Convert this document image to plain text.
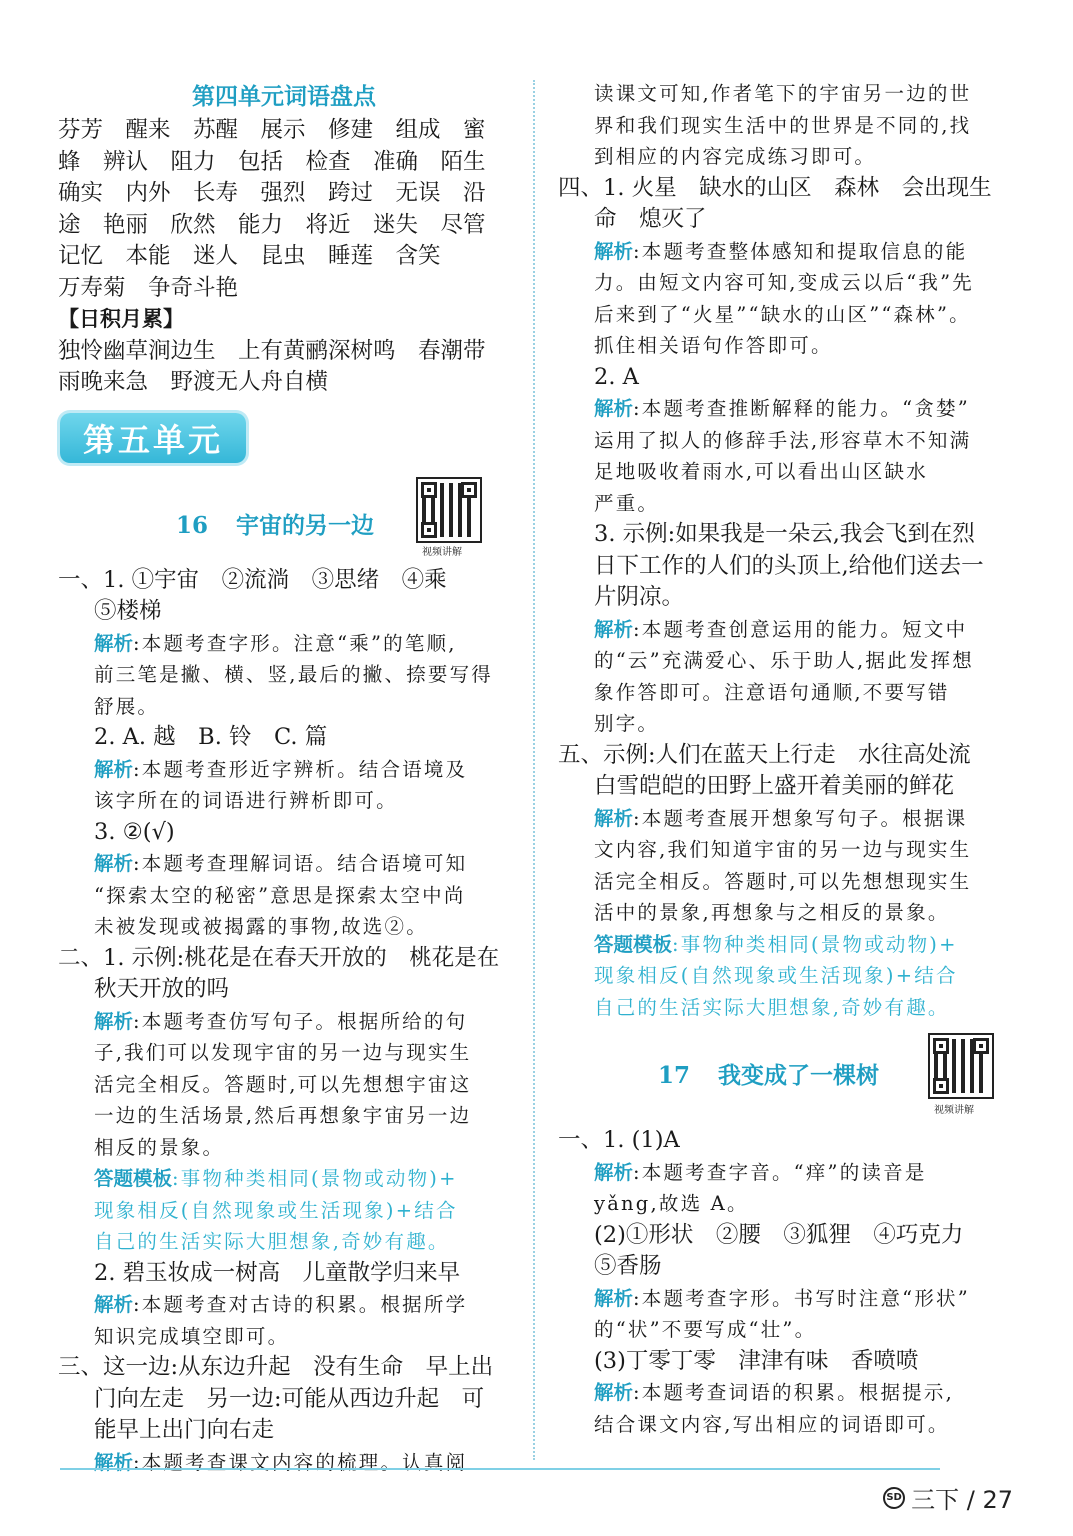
第四单元词语盘点
芬芳　醒来　苏醒　展示　修建　组成　蜜
蜂　辨认　阻力　包括　检查　准确　陌生
确实　内外　长寿　强烈　跨过　无误　沿
途　艳丽　欣然　能力　将近　迷失　尽管
记忆　本能　迷人　昆虫　睡莲　含笑
万寿菊　争奇斗艳
【日积月累】
独怜幽草涧边生　上有黄鹂深树鸣　春潮带
雨晚来急　野渡无人舟自横
第五单元
16 宇宙的另一边
视频讲解
一、1. ①宇宙　②流淌　③思绪　④乘
⑤楼梯
解析:本题考查字形。注意“乘”的笔顺,
前三笔是撇、横、竖,最后的撇、捺要写得
舒展。
2. A. 越　B. 铃　C. 篇
解析:本题考查形近字辨析。结合语境及
该字所在的词语进行辨析即可。
3. ②(√)
解析:本题考查理解词语。结合语境可知
“探索太空的秘密”意思是探索太空中尚
未被发现或被揭露的事物,故选②。
二、1. 示例:桃花是在春天开放的　桃花是在
秋天开放的吗
解析:本题考查仿写句子。根据所给的句
子,我们可以发现宇宙的另一边与现实生
活完全相反。答题时,可以先想想宇宙这
一边的生活场景,然后再想象宇宙另一边
相反的景象。
答题模板:事物种类相同(景物或动物)+
现象相反(自然现象或生活现象)+结合
自己的生活实际大胆想象,奇妙有趣。
2. 碧玉妆成一树高　儿童散学归来早
解析:本题考查对古诗的积累。根据所学
知识完成填空即可。
三、这一边:从东边升起　没有生命　早上出
门向左走　另一边:可能从西边升起　可
能早上出门向右走
解析:本题考查课文内容的梳理。认真阅
读课文可知,作者笔下的宇宙另一边的世
界和我们现实生活中的世界是不同的,找
到相应的内容完成练习即可。
四、1. 火星　缺水的山区　森林　会出现生
命　熄灭了
解析:本题考查整体感知和提取信息的能
力。由短文内容可知,变成云以后“我”先
后来到了“火星”“缺水的山区”“森林”。
抓住相关语句作答即可。
2. A
解析:本题考查推断解释的能力。“贪婪”
运用了拟人的修辞手法,形容草木不知满
足地吸收着雨水,可以看出山区缺水
严重。
3. 示例:如果我是一朵云,我会飞到在烈
日下工作的人们的头顶上,给他们送去一
片阴凉。
解析:本题考查创意运用的能力。短文中
的“云”充满爱心、乐于助人,据此发挥想
象作答即可。注意语句通顺,不要写错
别字。
五、示例:人们在蓝天上行走　水往高处流
白雪皑皑的田野上盛开着美丽的鲜花
解析:本题考查展开想象写句子。根据课
文内容,我们知道宇宙的另一边与现实生
活完全相反。答题时,可以先想想现实生
活中的景象,再想象与之相反的景象。
答题模板:事物种类相同(景物或动物)+
现象相反(自然现象或生活现象)+结合
自己的生活实际大胆想象,奇妙有趣。
17 我变成了一棵树
视频讲解
一、1. (1)A
解析:本题考查字音。“痒”的读音是
yǎng,故选 A。
(2)①形状　②腰　③狐狸　④巧克力
⑤香肠
解析:本题考查字形。书写时注意“形状”
的“状”不要写成“壮”。
(3)丁零丁零　津津有味　香喷喷
解析:本题考查词语的积累。根据提示,
结合课文内容,写出相应的词语即可。
SD 三下 / 27
